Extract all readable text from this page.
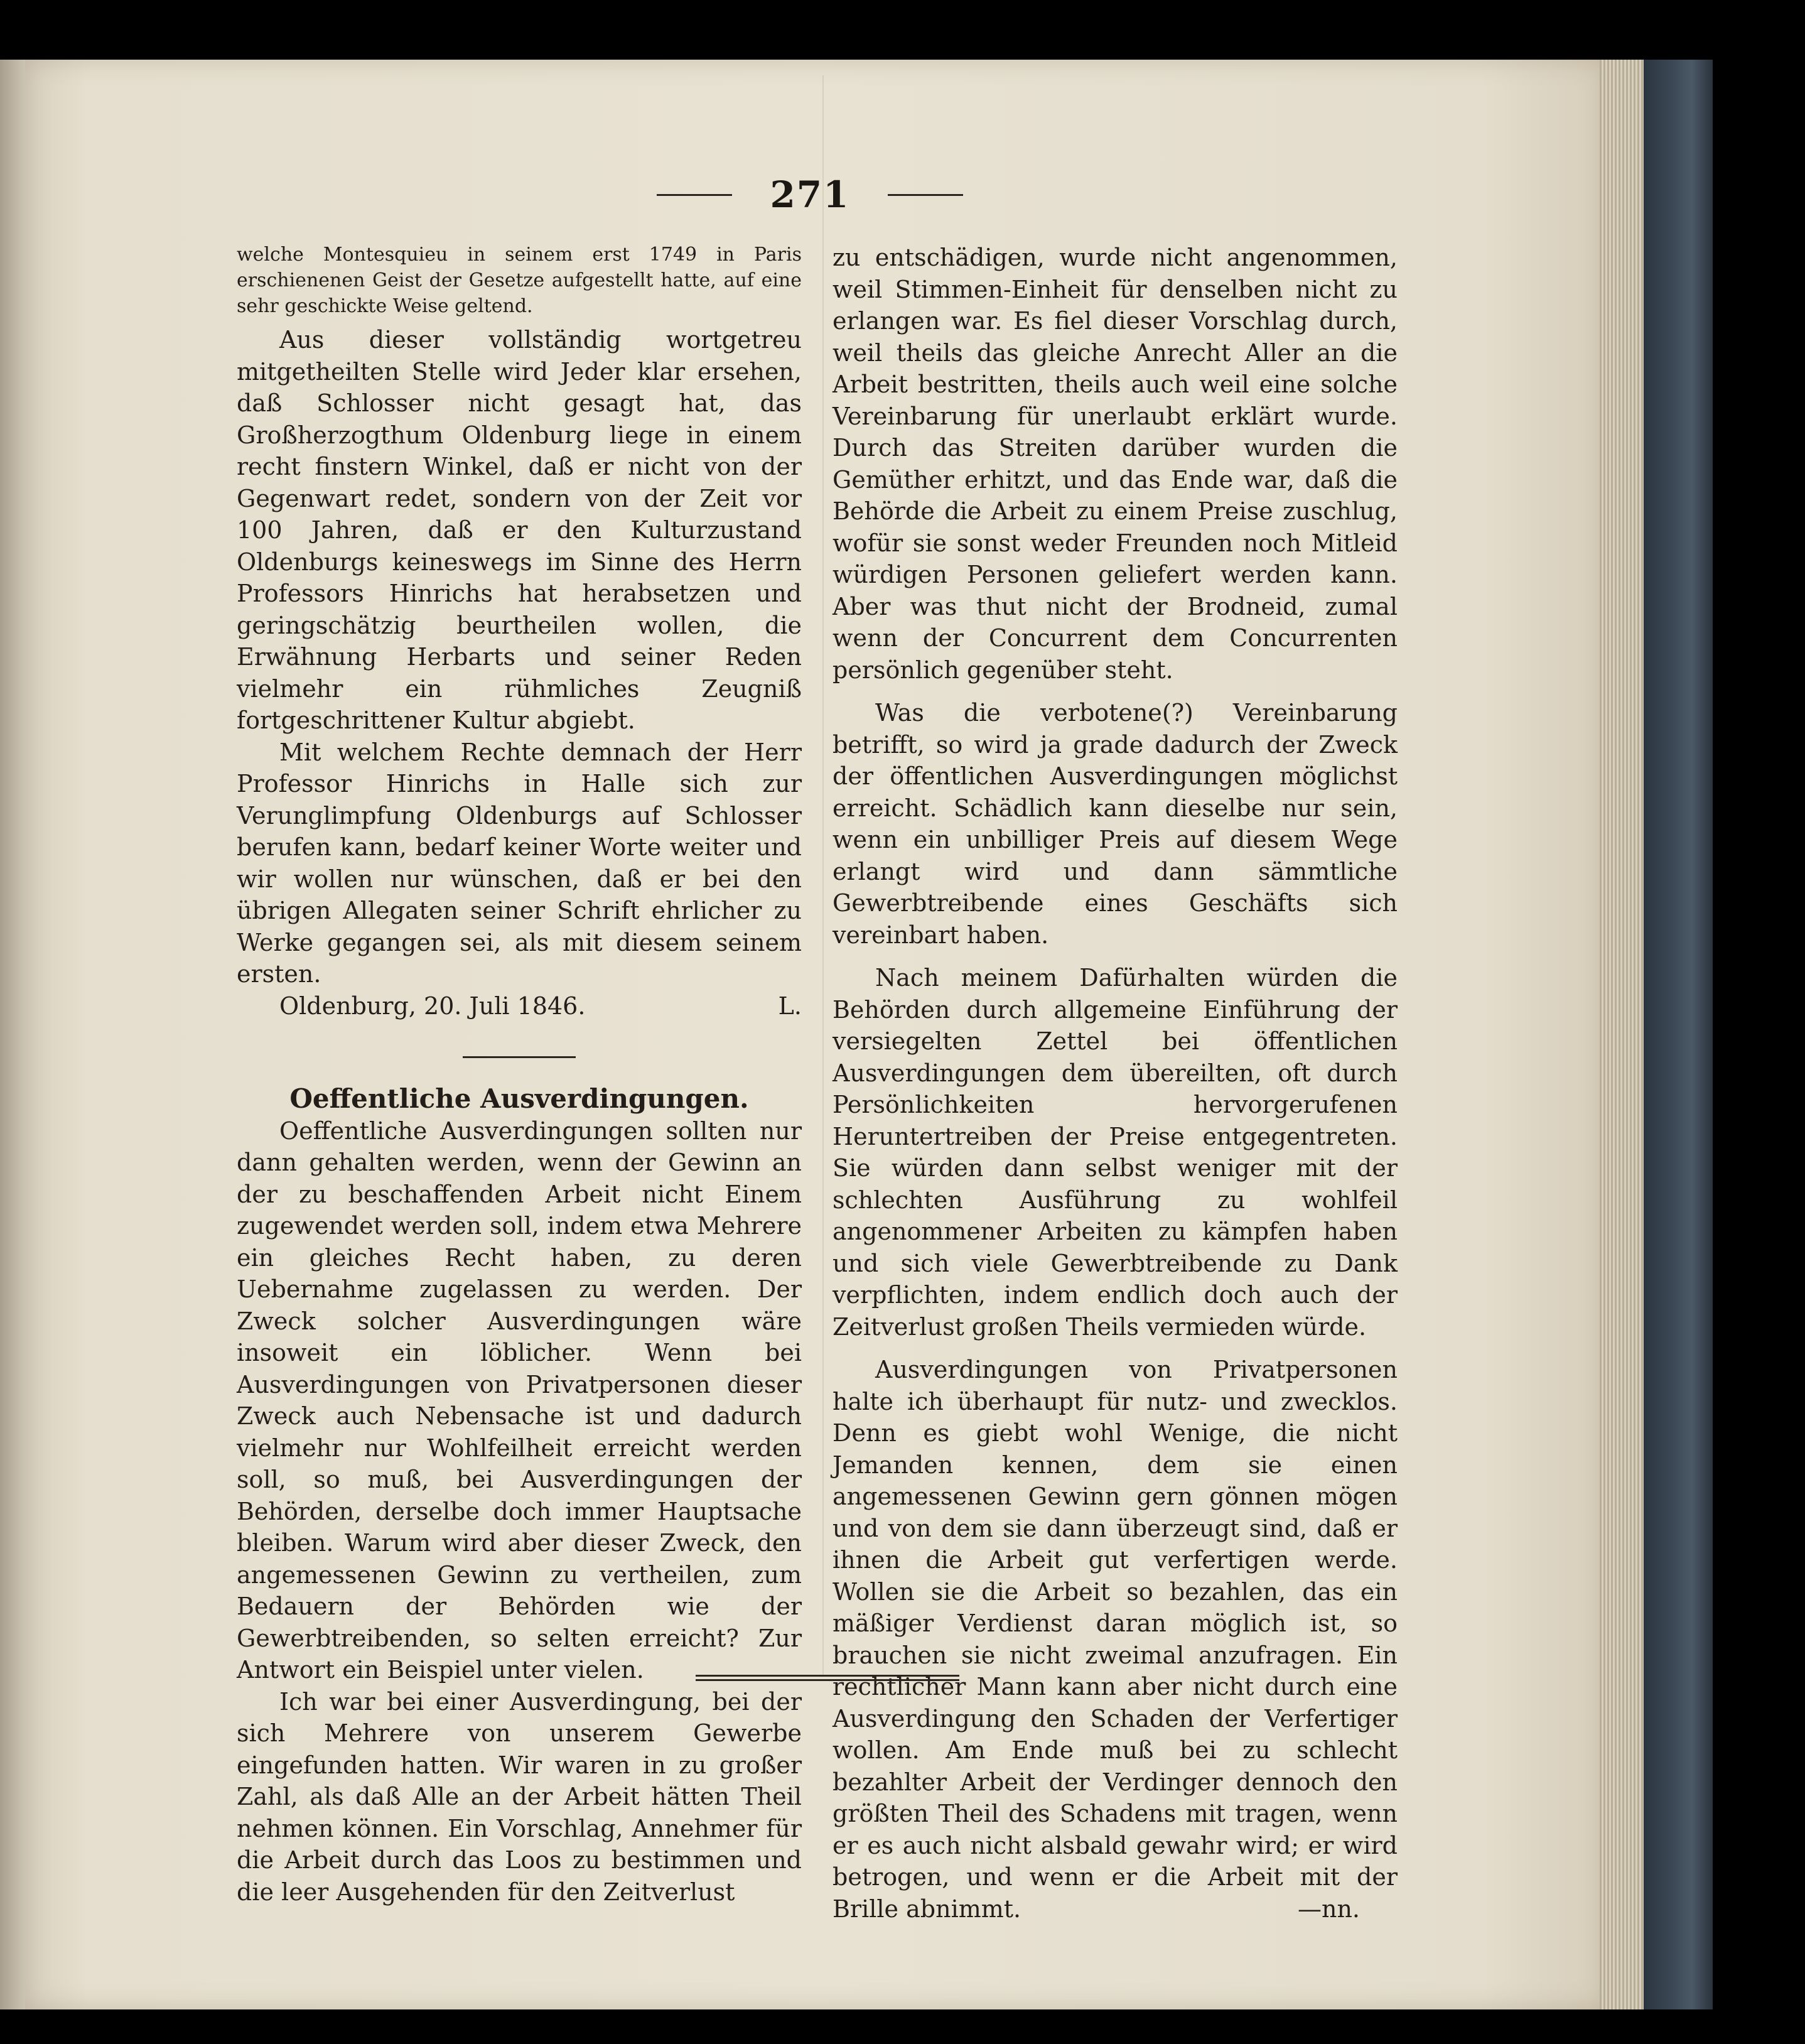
271

welche Montesquieu in seinem erst 1749 in Paris erschienenen Geist der Gesetze aufgestellt hatte, auf eine sehr geschickte Weise geltend.

Aus dieser vollständig wortgetreu mitgetheilten Stelle wird Jeder klar ersehen, daß Schlosser nicht gesagt hat, das Großherzogthum Oldenburg liege in einem recht finstern Winkel, daß er nicht von der Gegenwart redet, sondern von der Zeit vor 100 Jahren, daß er den Kulturzustand Oldenburgs keineswegs im Sinne des Herrn Professors Hinrichs hat herabsetzen und geringschätzig beurtheilen wollen, die Erwähnung Herbarts und seiner Reden vielmehr ein rühmliches Zeugniß fortgeschrittener Kultur abgiebt.

Mit welchem Rechte demnach der Herr Professor Hinrichs in Halle sich zur Verunglimpfung Oldenburgs auf Schlosser berufen kann, bedarf keiner Worte weiter und wir wollen nur wünschen, daß er bei den übrigen Allegaten seiner Schrift ehrlicher zu Werke gegangen sei, als mit diesem seinem ersten.

Oldenburg, 20. Juli 1846.	L.

Oeffentliche Ausverdingungen.

Oeffentliche Ausverdingungen sollten nur dann gehalten werden, wenn der Gewinn an der zu beschaffenden Arbeit nicht Einem zugewendet werden soll, indem etwa Mehrere ein gleiches Recht haben, zu deren Uebernahme zugelassen zu werden. Der Zweck solcher Ausverdingungen wäre insoweit ein löblicher. Wenn bei Ausverdingungen von Privatpersonen dieser Zweck auch Nebensache ist und dadurch vielmehr nur Wohlfeilheit erreicht werden soll, so muß, bei Ausverdingungen der Behörden, derselbe doch immer Hauptsache bleiben. Warum wird aber dieser Zweck, den angemessenen Gewinn zu vertheilen, zum Bedauern der Behörden wie der Gewerbtreibenden, so selten erreicht? Zur Antwort ein Beispiel unter vielen.

Ich war bei einer Ausverdingung, bei der sich Mehrere von unserem Gewerbe eingefunden hatten. Wir waren in zu großer Zahl, als daß Alle an der Arbeit hätten Theil nehmen können. Ein Vorschlag, Annehmer für die Arbeit durch das Loos zu bestimmen und die leer Ausgehenden für den Zeitverlust

zu entschädigen, wurde nicht angenommen, weil Stimmen-Einheit für denselben nicht zu erlangen war. Es fiel dieser Vorschlag durch, weil theils das gleiche Anrecht Aller an die Arbeit bestritten, theils auch weil eine solche Vereinbarung für unerlaubt erklärt wurde. Durch das Streiten darüber wurden die Gemüther erhitzt, und das Ende war, daß die Behörde die Arbeit zu einem Preise zuschlug, wofür sie sonst weder Freunden noch Mitleid würdigen Personen geliefert werden kann. Aber was thut nicht der Brodneid, zumal wenn der Concurrent dem Concurrenten persönlich gegenüber steht.

Was die verbotene(?) Vereinbarung betrifft, so wird ja grade dadurch der Zweck der öffentlichen Ausverdingungen möglichst erreicht. Schädlich kann dieselbe nur sein, wenn ein unbilliger Preis auf diesem Wege erlangt wird und dann sämmtliche Gewerbtreibende eines Geschäfts sich vereinbart haben.

Nach meinem Dafürhalten würden die Behörden durch allgemeine Einführung der versiegelten Zettel bei öffentlichen Ausverdingungen dem übereilten, oft durch Persönlichkeiten hervorgerufenen Heruntertreiben der Preise entgegentreten. Sie würden dann selbst weniger mit der schlechten Ausführung zu wohlfeil angenommener Arbeiten zu kämpfen haben und sich viele Gewerbtreibende zu Dank verpflichten, indem endlich doch auch der Zeitverlust großen Theils vermieden würde.

Ausverdingungen von Privatpersonen halte ich überhaupt für nutz- und zwecklos. Denn es giebt wohl Wenige, die nicht Jemanden kennen, dem sie einen angemessenen Gewinn gern gönnen mögen und von dem sie dann überzeugt sind, daß er ihnen die Arbeit gut verfertigen werde. Wollen sie die Arbeit so bezahlen, das ein mäßiger Verdienst daran möglich ist, so brauchen sie nicht zweimal anzufragen. Ein rechtlicher Mann kann aber nicht durch eine Ausverdingung den Schaden der Verfertiger wollen. Am Ende muß bei zu schlecht bezahlter Arbeit der Verdinger dennoch den größten Theil des Schadens mit tragen, wenn er es auch nicht alsbald gewahr wird; er wird betrogen, und wenn er die Arbeit mit der Brille abnimmt.	—nn.
